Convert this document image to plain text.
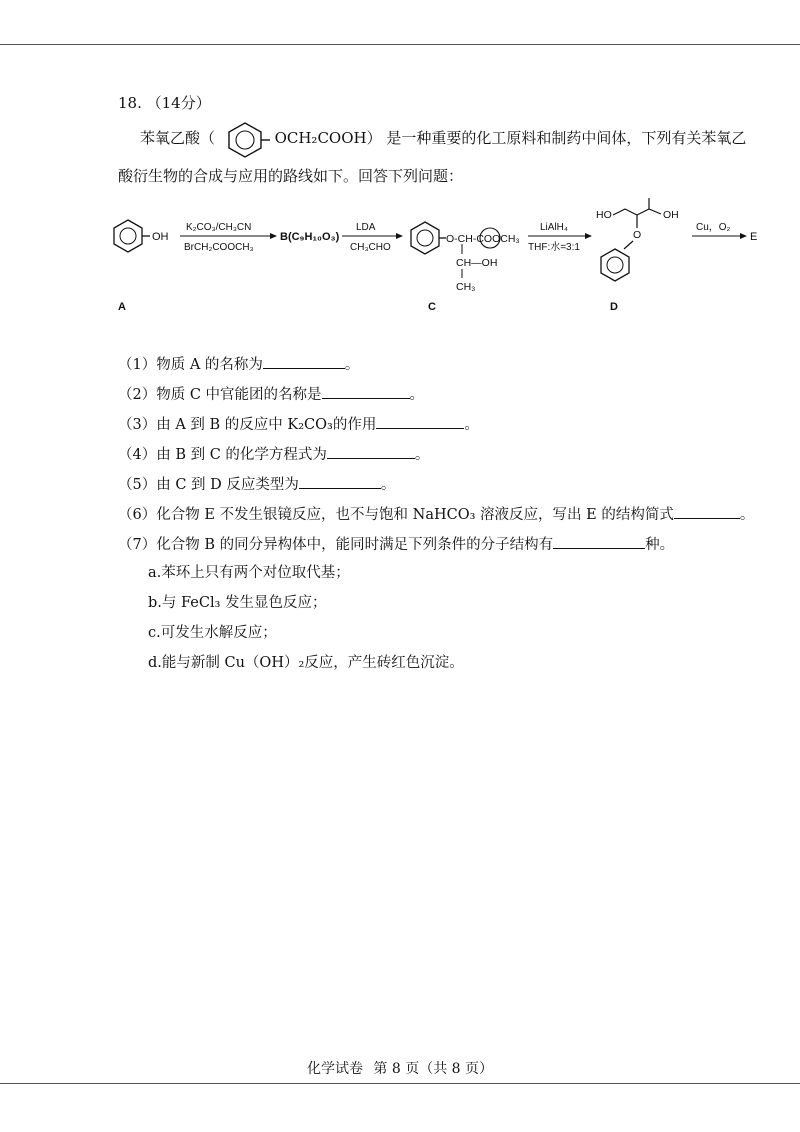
18. （14分）
苯氧乙酸（	OCH₂COOH） 是一种重要的化工原料和制药中间体，下列有关苯氧乙
酸衍生物的合成与应用的路线如下。回答下列问题：
OH
K₂CO₃/CH₃CN
BrCH₂COOCH₃
B(C₉H₁₀O₃)
LDA
CH₃CHO
O-CH-COOCH₃
CH—OH
CH₃
LiAlH₄
THF:水=3:1
HO	OH
O
Cu，O₂
E
A	C	D
（1）物质 A 的名称为	。
（2）物质 C 中官能团的名称是	。
（3）由 A 到 B 的反应中 K₂CO₃的作用	。
（4）由 B 到 C 的化学方程式为	。
（5）由 C 到 D 反应类型为	。
（6）化合物 E 不发生银镜反应，也不与饱和 NaHCO₃ 溶液反应，写出 E 的结构简式	。
（7）化合物 B 的同分异构体中，能同时满足下列条件的分子结构有	种。
a.苯环上只有两个对位取代基；
b.与 FeCl₃ 发生显色反应；
c.可发生水解反应；
d.能与新制 Cu（OH）₂反应，产生砖红色沉淀。
化学试卷 第 8 页（共 8 页）
